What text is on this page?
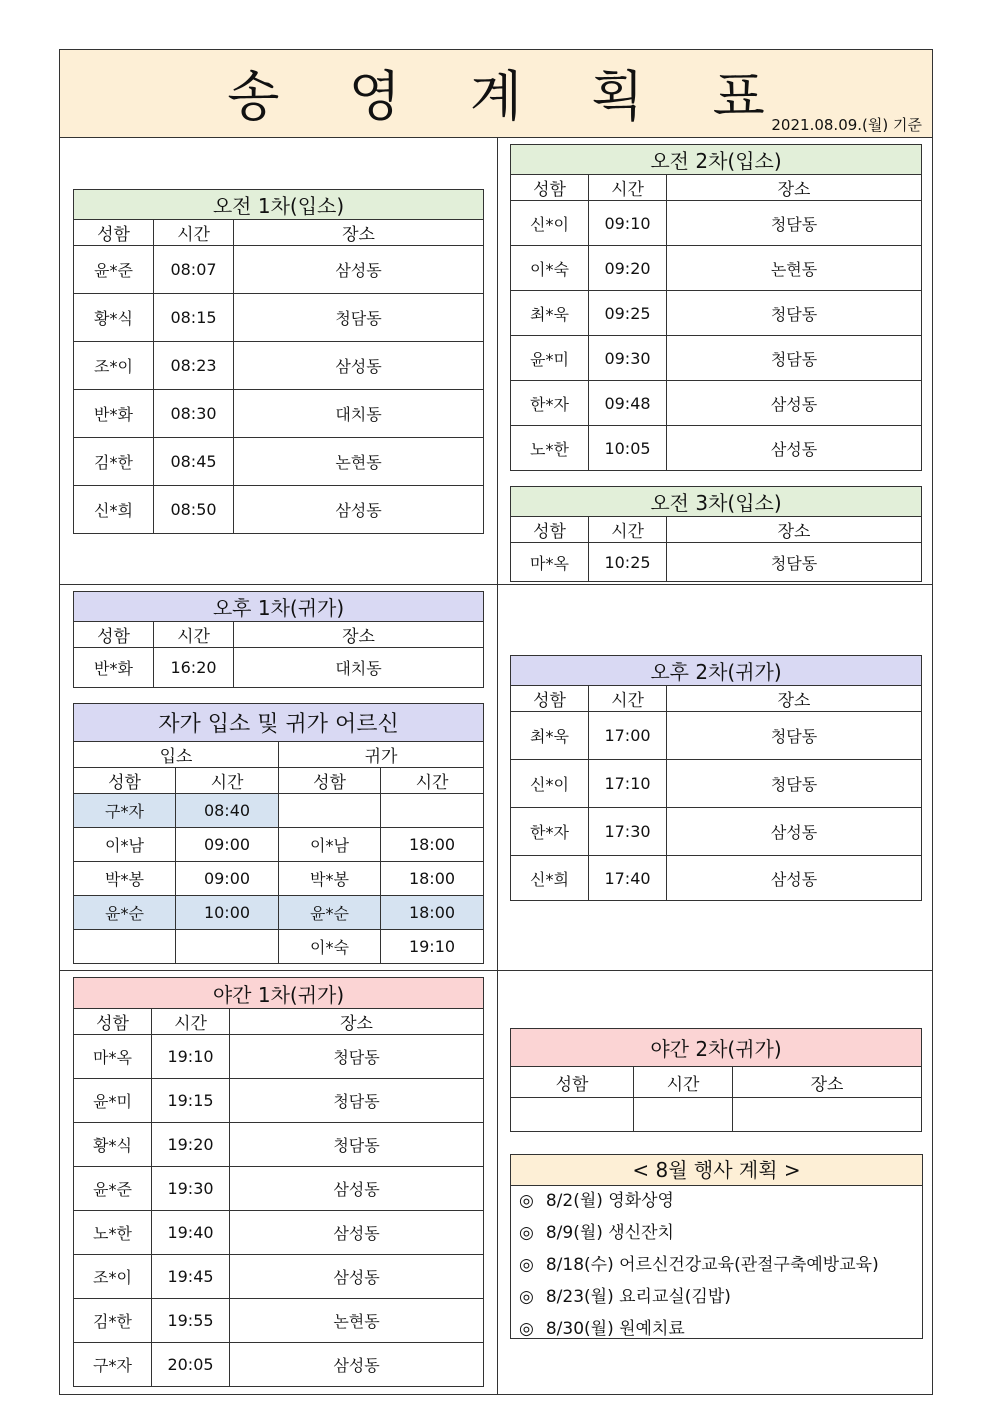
송 영 계 획 표
2021.08.09.(월) 기준
오전 1차(입소)		
성함	시간	장소
윤*준	08:07	삼성동
황*식	08:15	청담동
조*이	08:23	삼성동
반*화	08:30	대치동
김*한	08:45	논현동
신*희	08:50	삼성동
오전 2차(입소)		
성함	시간	장소
신*이	09:10	청담동
이*숙	09:20	논현동
최*욱	09:25	청담동
윤*미	09:30	청담동
한*자	09:48	삼성동
노*한	10:05	삼성동
오전 3차(입소)		
성함	시간	장소
마*옥	10:25	청담동
오후 1차(귀가)		
성함	시간	장소
반*화	16:20	대치동
자가 입소 및 귀가 어르신			
입소		귀가	
성함	시간	성함	시간
구*자	08:40		
이*남	09:00	이*남	18:00
박*봉	09:00	박*봉	18:00
윤*순	10:00	윤*순	18:00
		이*숙	19:10
오후 2차(귀가)		
성함	시간	장소
최*욱	17:00	청담동
신*이	17:10	청담동
한*자	17:30	삼성동
신*희	17:40	삼성동
야간 1차(귀가)		
성함	시간	장소
마*옥	19:10	청담동
윤*미	19:15	청담동
황*식	19:20	청담동
윤*준	19:30	삼성동
노*한	19:40	삼성동
조*이	19:45	삼성동
김*한	19:55	논현동
구*자	20:05	삼성동
야간 2차(귀가)		
성함	시간	장소

< 8월 행사 계획 >
◎ 8/2(월) 영화상영
◎ 8/9(월) 생신잔치
◎ 8/18(수) 어르신건강교육(관절구축예방교육)
◎ 8/23(월) 요리교실(김밥)
◎ 8/30(월) 원예치료
